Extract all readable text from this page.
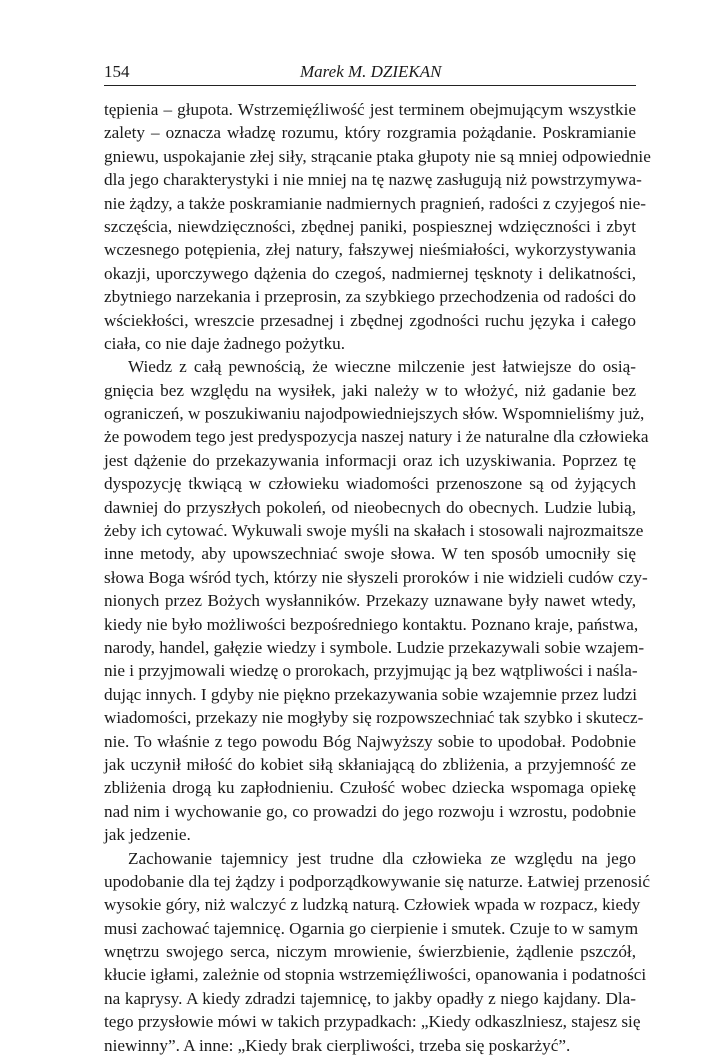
154	Marek M. DZIEKAN
tępienia – głupota. Wstrzemięźliwość jest terminem obejmującym wszystkie
zalety – oznacza władzę rozumu, który rozgramia pożądanie. Poskramianie
gniewu, uspokajanie złej siły, strącanie ptaka głupoty nie są mniej odpowiednie
dla jego charakterystyki i nie mniej na tę nazwę zasługują niż powstrzymywa-
nie żądzy, a także poskramianie nadmiernych pragnień, radości z czyjegoś nie-
szczęścia, niewdzięczności, zbędnej paniki, pospiesznej wdzięczności i zbyt
wczesnego potępienia, złej natury, fałszywej nieśmiałości, wykorzystywania
okazji, uporczywego dążenia do czegoś, nadmiernej tęsknoty i delikatności,
zbytniego narzekania i przeprosin, za szybkiego przechodzenia od radości do
wściekłości, wreszcie przesadnej i zbędnej zgodności ruchu języka i całego
ciała, co nie daje żadnego pożytku.
Wiedz z całą pewnością, że wieczne milczenie jest łatwiejsze do osią-
gnięcia bez względu na wysiłek, jaki należy w to włożyć, niż gadanie bez
ograniczeń, w poszukiwaniu najodpowiedniejszych słów. Wspomnieliśmy już,
że powodem tego jest predyspozycja naszej natury i że naturalne dla człowieka
jest dążenie do przekazywania informacji oraz ich uzyskiwania. Poprzez tę
dyspozycję tkwiącą w człowieku wiadomości przenoszone są od żyjących
dawniej do przyszłych pokoleń, od nieobecnych do obecnych. Ludzie lubią,
żeby ich cytować. Wykuwali swoje myśli na skałach i stosowali najrozmaitsze
inne metody, aby upowszechniać swoje słowa. W ten sposób umocniły się
słowa Boga wśród tych, którzy nie słyszeli proroków i nie widzieli cudów czy-
nionych przez Bożych wysłanników. Przekazy uznawane były nawet wtedy,
kiedy nie było możliwości bezpośredniego kontaktu. Poznano kraje, państwa,
narody, handel, gałęzie wiedzy i symbole. Ludzie przekazywali sobie wzajem-
nie i przyjmowali wiedzę o prorokach, przyjmując ją bez wątpliwości i naśla-
dując innych. I gdyby nie piękno przekazywania sobie wzajemnie przez ludzi
wiadomości, przekazy nie mogłyby się rozpowszechniać tak szybko i skutecz-
nie. To właśnie z tego powodu Bóg Najwyższy sobie to upodobał. Podobnie
jak uczynił miłość do kobiet siłą skłaniającą do zbliżenia, a przyjemność ze
zbliżenia drogą ku zapłodnieniu. Czułość wobec dziecka wspomaga opiekę
nad nim i wychowanie go, co prowadzi do jego rozwoju i wzrostu, podobnie
jak jedzenie.
Zachowanie tajemnicy jest trudne dla człowieka ze względu na jego
upodobanie dla tej żądzy i podporządkowywanie się naturze. Łatwiej przenosić
wysokie góry, niż walczyć z ludzką naturą. Człowiek wpada w rozpacz, kiedy
musi zachować tajemnicę. Ogarnia go cierpienie i smutek. Czuje to w samym
wnętrzu swojego serca, niczym mrowienie, świerzbienie, żądlenie pszczół,
kłucie igłami, zależnie od stopnia wstrzemięźliwości, opanowania i podatności
na kaprysy. A kiedy zdradzi tajemnicę, to jakby opadły z niego kajdany. Dla-
tego przysłowie mówi w takich przypadkach: „Kiedy odkaszlniesz, stajesz się
niewinny”. A inne: „Kiedy brak cierpliwości, trzeba się poskarżyć”.
